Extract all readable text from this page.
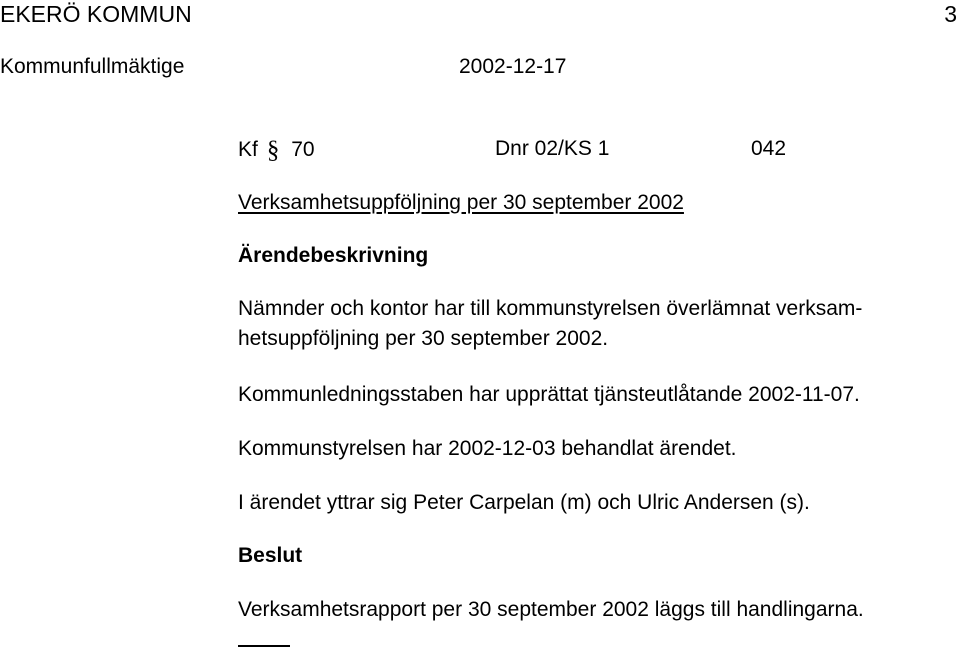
EKERÖ KOMMUN	3
Kommunfullmäktige	2002-12-17
Kf § 70	Dnr 02/KS 1	042
Verksamhetsuppföljning per 30 september 2002
Ärendebeskrivning
Nämnder och kontor har till kommunstyrelsen överlämnat verksam-
hetsuppföljning per 30 september 2002.
Kommunledningsstaben har upprättat tjänsteutlåtande 2002-11-07.
Kommunstyrelsen har 2002-12-03 behandlat ärendet.
I ärendet yttrar sig Peter Carpelan (m) och Ulric Andersen (s).
Beslut
Verksamhetsrapport per 30 september 2002 läggs till handlingarna.
